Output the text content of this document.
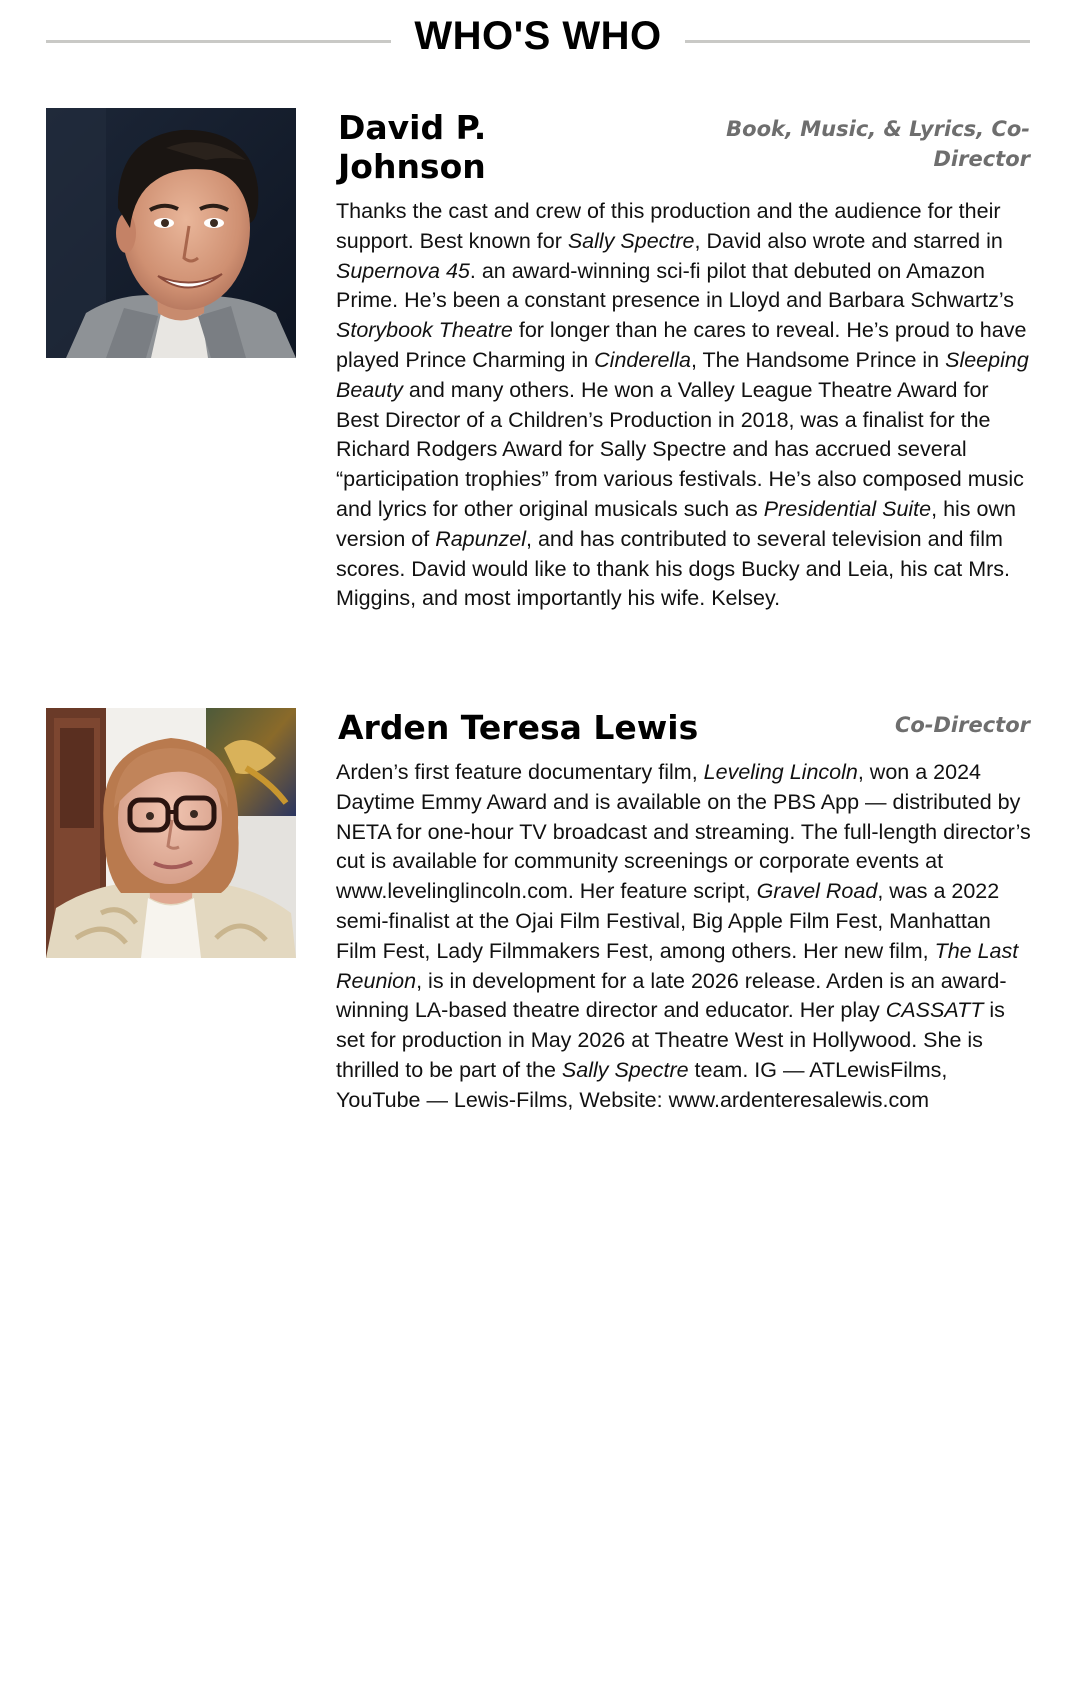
WHO'S WHO
David P. Johnson
Book, Music, & Lyrics, Co-Director

Thanks the cast and crew of this production and the audience for their support. Best known for Sally Spectre, David also wrote and starred in Supernova 45. an award-winning sci-fi pilot that debuted on Amazon Prime. He’s been a constant presence in Lloyd and Barbara Schwartz’s Storybook Theatre for longer than he cares to reveal. He’s proud to have played Prince Charming in Cinderella, The Handsome Prince in Sleeping Beauty and many others. He won a Valley League Theatre Award for Best Director of a Children’s Production in 2018, was a finalist for the Richard Rodgers Award for Sally Spectre and has accrued several “participation trophies” from various festivals. He’s also composed music and lyrics for other original musicals such as Presidential Suite, his own version of Rapunzel, and has contributed to several television and film scores. David would like to thank his dogs Bucky and Leia, his cat Mrs. Miggins, and most importantly his wife. Kelsey.

Arden Teresa Lewis	Co-Director

Arden’s first feature documentary film, Leveling Lincoln, won a 2024 Daytime Emmy Award and is available on the PBS App — distributed by NETA for one-hour TV broadcast and streaming. The full-length director’s cut is available for community screenings or corporate events at www.levelinglincoln.com. Her feature script, Gravel Road, was a 2022 semi-finalist at the Ojai Film Festival, Big Apple Film Fest, Manhattan Film Fest, Lady Filmmakers Fest, among others. Her new film, The Last Reunion, is in development for a late 2026 release. Arden is an award-winning LA-based theatre director and educator. Her play CASSATT is set for production in May 2026 at Theatre West in Hollywood. She is thrilled to be part of the Sally Spectre team. IG — ATLewisFilms, YouTube — Lewis-Films, Website: www.ardenteresalewis.com
